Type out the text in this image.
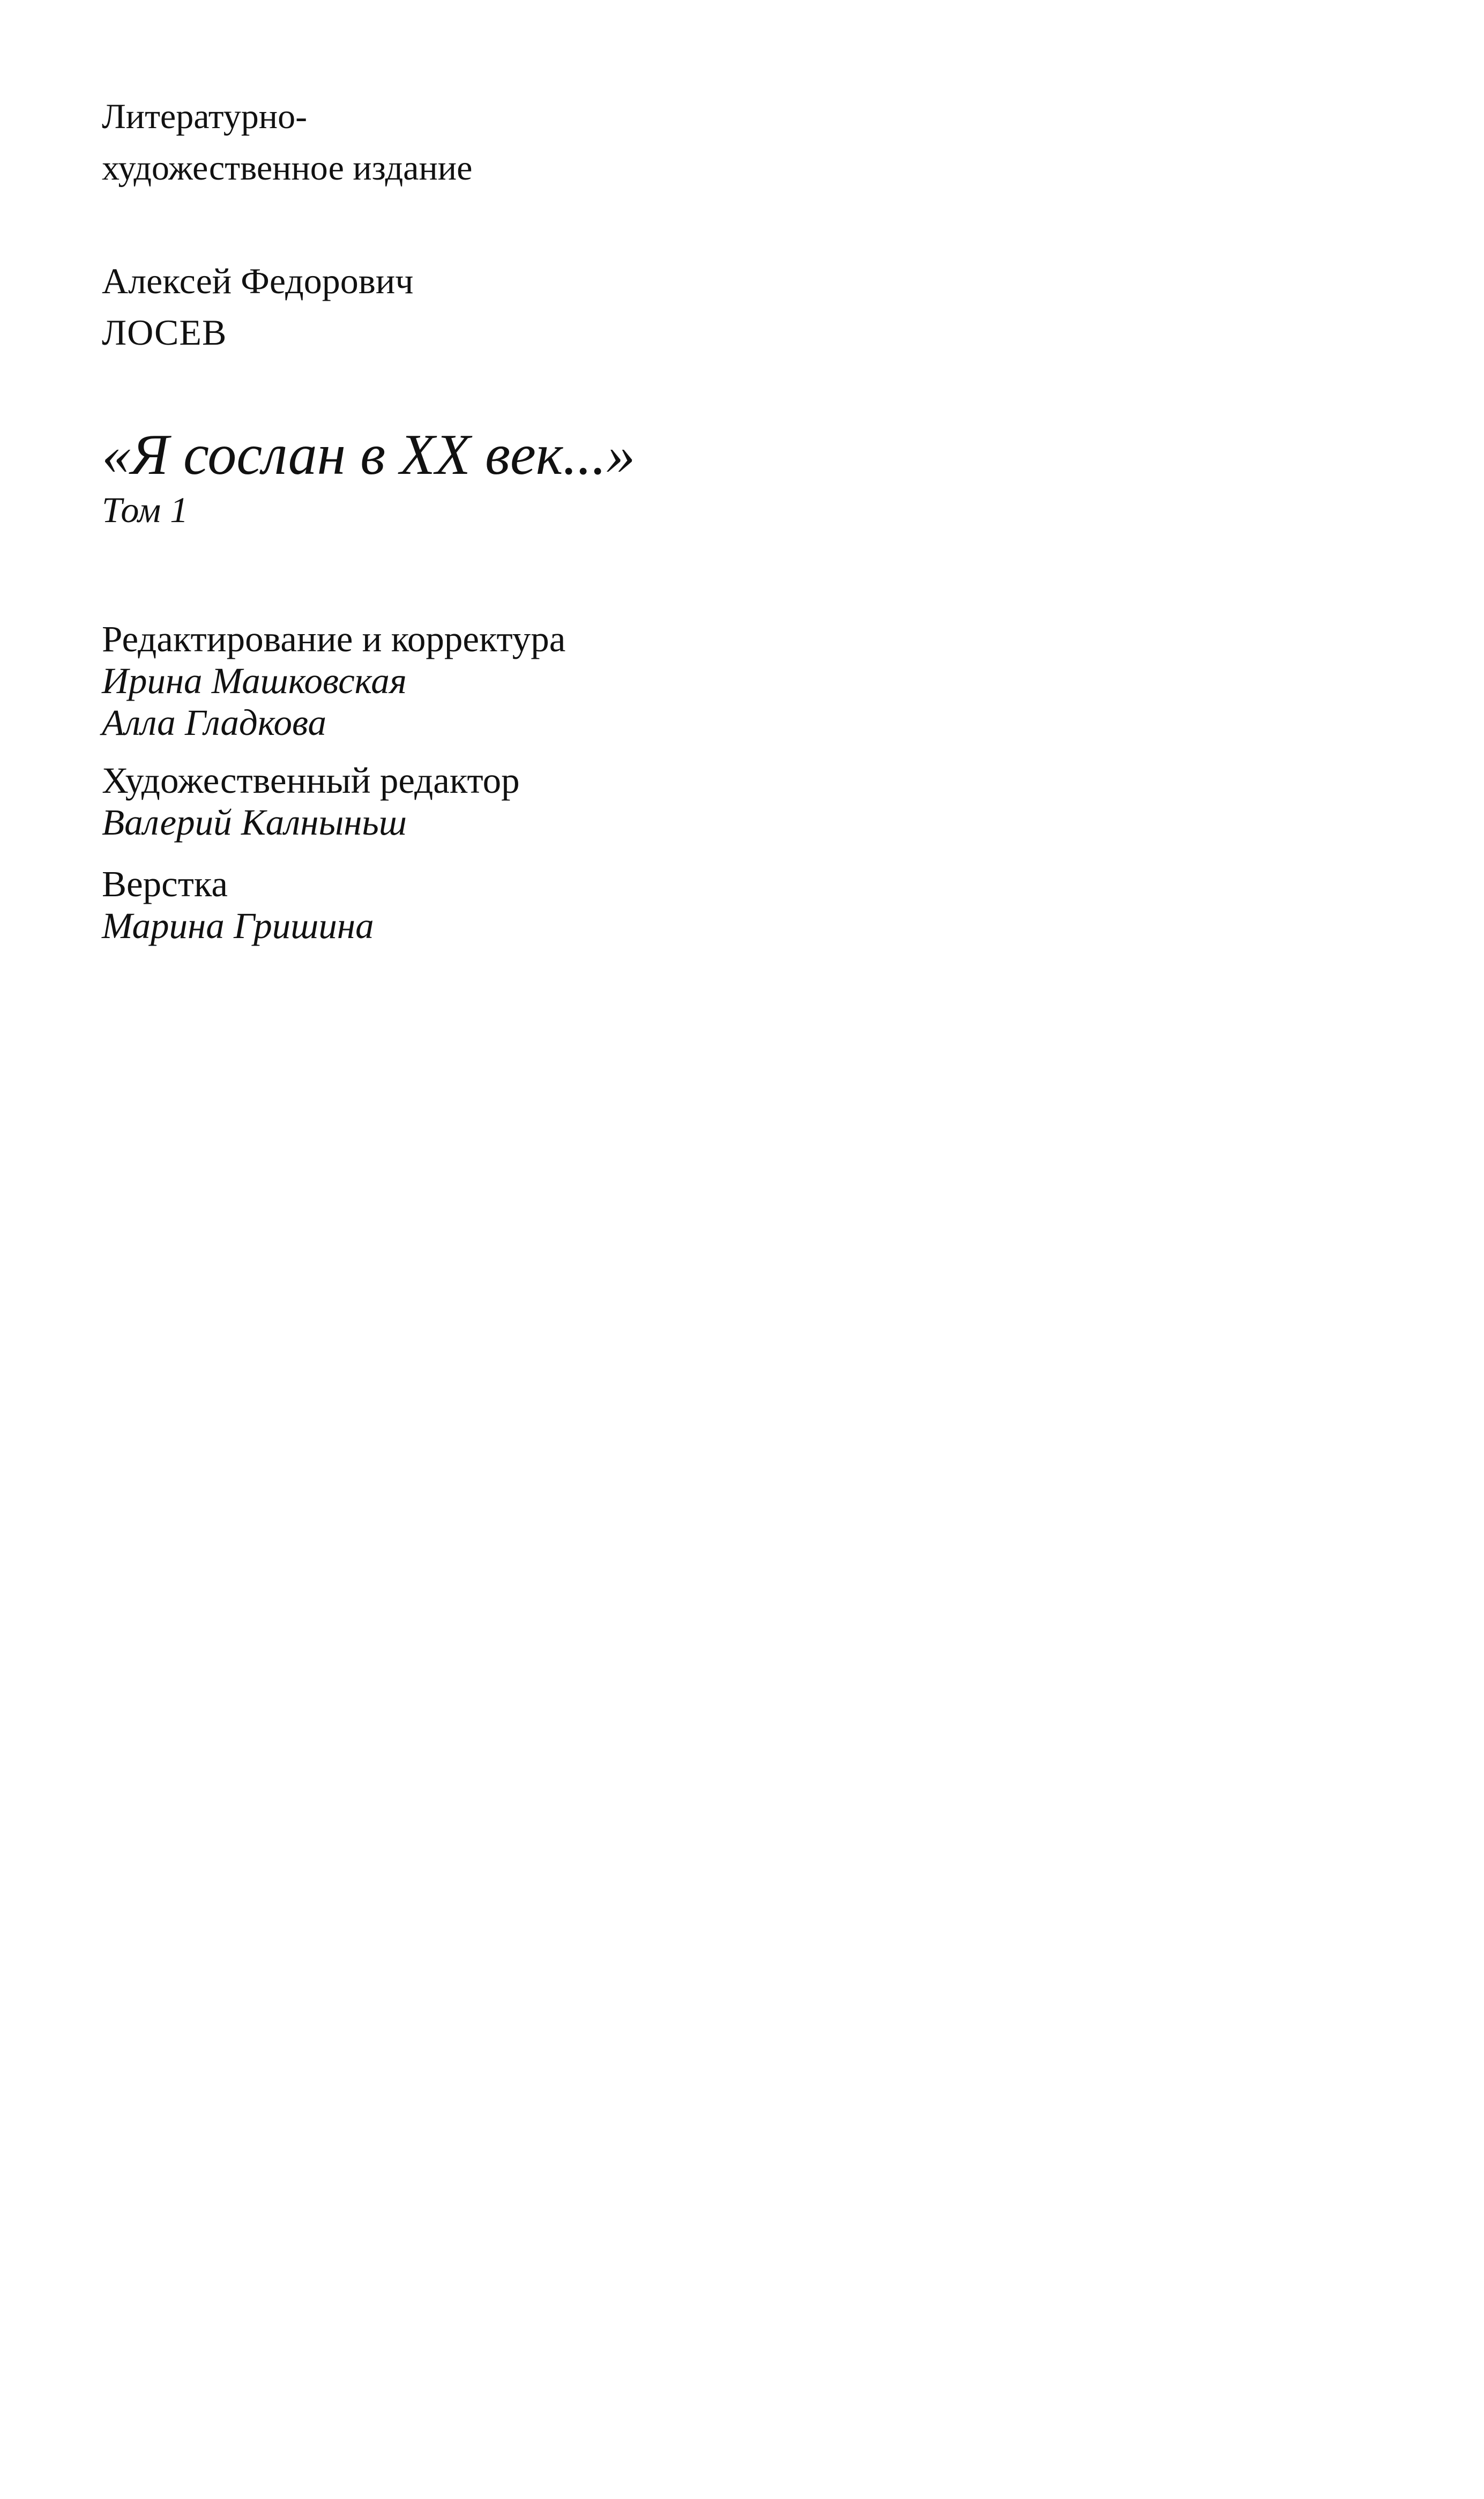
Литературно-
художественное издание
Алексей Федорович
ЛОСЕВ
«Я сослан в XX век...»
Том 1
Редактирование и корректура
Ирина Машковская
Алла Гладкова
Художественный редактор
Валерий Калныньш
Верстка
Марина Гришина
